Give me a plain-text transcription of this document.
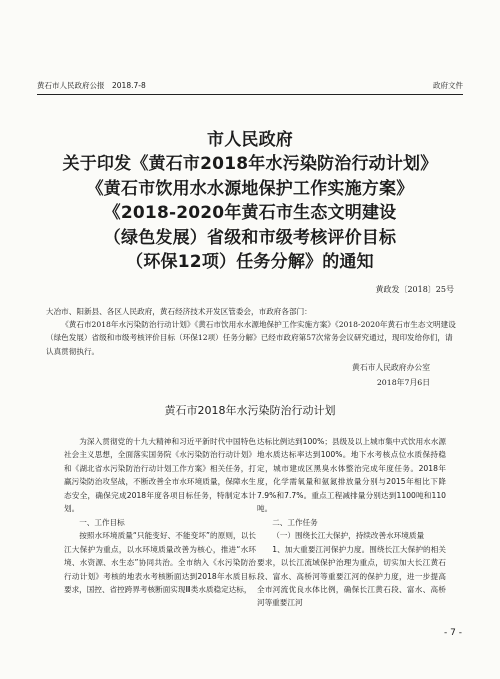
黄石市人民政府公报　2018.7-8	政府文件
市人民政府
关于印发《黄石市2018年水污染防治行动计划》
《黄石市饮用水水源地保护工作实施方案》
《2018-2020年黄石市生态文明建设
（绿色发展）省级和市级考核评价目标
（环保12项）任务分解》的通知
黄政发〔2018〕25号

大冶市、阳新县、各区人民政府，黄石经济技术开发区管委会，市政府各部门：

《黄石市2018年水污染防治行动计划》《黄石市饮用水水源地保护工作实施方案》《2018-2020年黄石市生态文明建设（绿色发展）省级和市级考核评价目标（环保12项）任务分解》已经市政府第57次常务会议研究通过，现印发给你们，请认真贯彻执行。

黄石市人民政府办公室
2018年7月6日
黄石市2018年水污染防治行动计划

为深入贯彻党的十九大精神和习近平新时代中国特色社会主义思想，全面落实国务院《水污染防治行动计划》和《湖北省水污染防治行动计划工作方案》相关任务，打赢污染防治攻坚战，不断改善全市水环境质量，保障水生态安全，确保完成2018年度各项目标任务，特制定本计划。

一、工作目标

按照水环境质量“只能变好、不能变坏”的原则，以长江大保护为重点，以水环境质量改善为核心，推进“水环境、水资源、水生态”协同共治。全市纳入《水污染防治行动计划》考核的地表水考核断面达到2018年水质目标要求，国控、省控跨界考核断面实现Ⅲ类水质稳定达标，

达标比例达到100%；县级及以上城市集中式饮用水水源地水质达标率达到100%。地下水考核点位水质保持稳定，城市建成区黑臭水体整治完成年度任务。2018年度，化学需氧量和氨氮排放量分别与2015年相比下降7.9%和7.7%。重点工程减排量分别达到1100吨和110吨。

二、工作任务

（一）围绕长江大保护，持续改善水环境质量

1、加大重要江河保护力度。围绕长江大保护的相关要求，以长江流域保护治理为重点，切实加大长江黄石段、富水、高桥河等重要江河的保护力度，进一步提高全市河流优良水体比例，确保长江黄石段、富水、高桥河等重要江河

- 7 -
